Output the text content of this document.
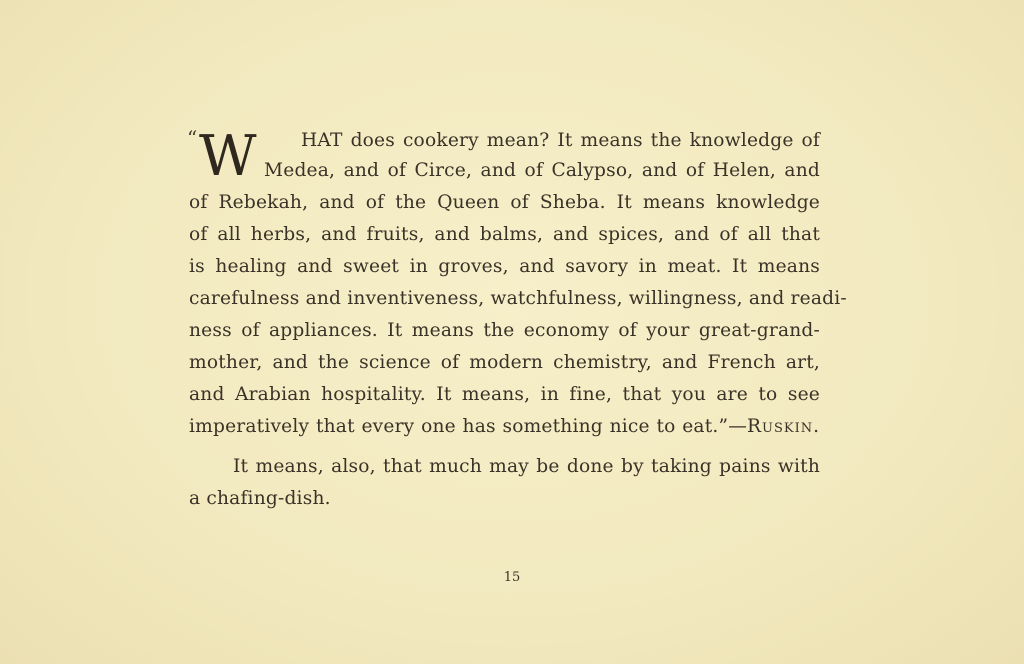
“ W HAT does cookery mean? It means the knowledge of
Medea, and of Circe, and of Calypso, and of Helen, and
of Rebekah, and of the Queen of Sheba. It means knowledge
of all herbs, and fruits, and balms, and spices, and of all that
is healing and sweet in groves, and savory in meat. It means
carefulness and inventiveness, watchfulness, willingness, and readi-
ness of appliances. It means the economy of your great-grand-
mother, and the science of modern chemistry, and French art,
and Arabian hospitality. It means, in fine, that you are to see
imperatively that every one has something nice to eat.”—Ruskin.
It means, also, that much may be done by taking pains with
a chafing-dish.
15
